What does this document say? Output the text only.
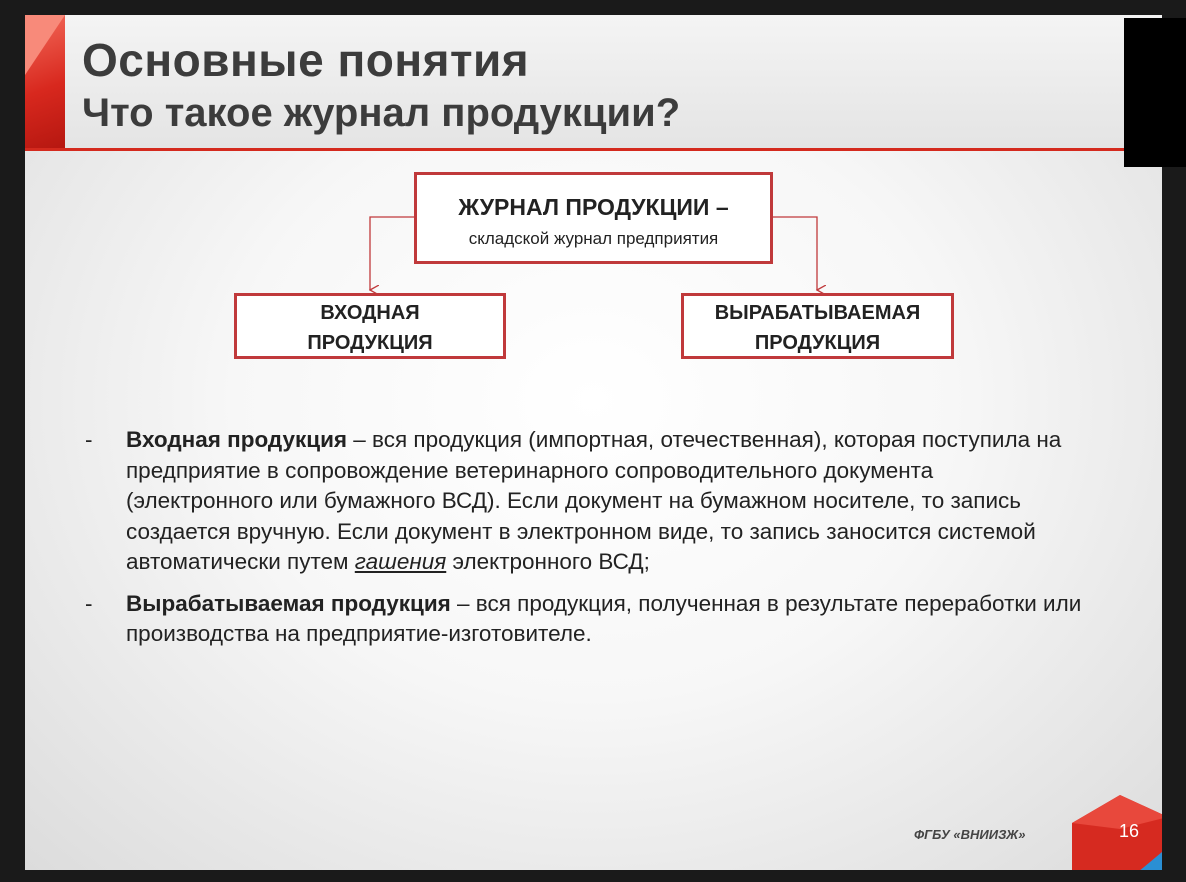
Основные понятия
Что такое журнал продукции?
ЖУРНАЛ ПРОДУКЦИИ –
складской журнал предприятия
ВХОДНАЯ
ПРОДУКЦИЯ
ВЫРАБАТЫВАЕМАЯ
ПРОДУКЦИЯ
- Входная продукция – вся продукция (импортная, отечественная), которая поступила на предприятие в сопровождение ветеринарного сопроводительного документа (электронного или бумажного ВСД). Если документ на бумажном носителе, то запись создается вручную. Если документ в электронном виде, то запись заносится системой автоматически путем гашения электронного ВСД;
- Вырабатываемая продукция – вся продукция, полученная в результате переработки или производства на предприятие-изготовителе.
ФГБУ «ВНИИЗЖ»	16
